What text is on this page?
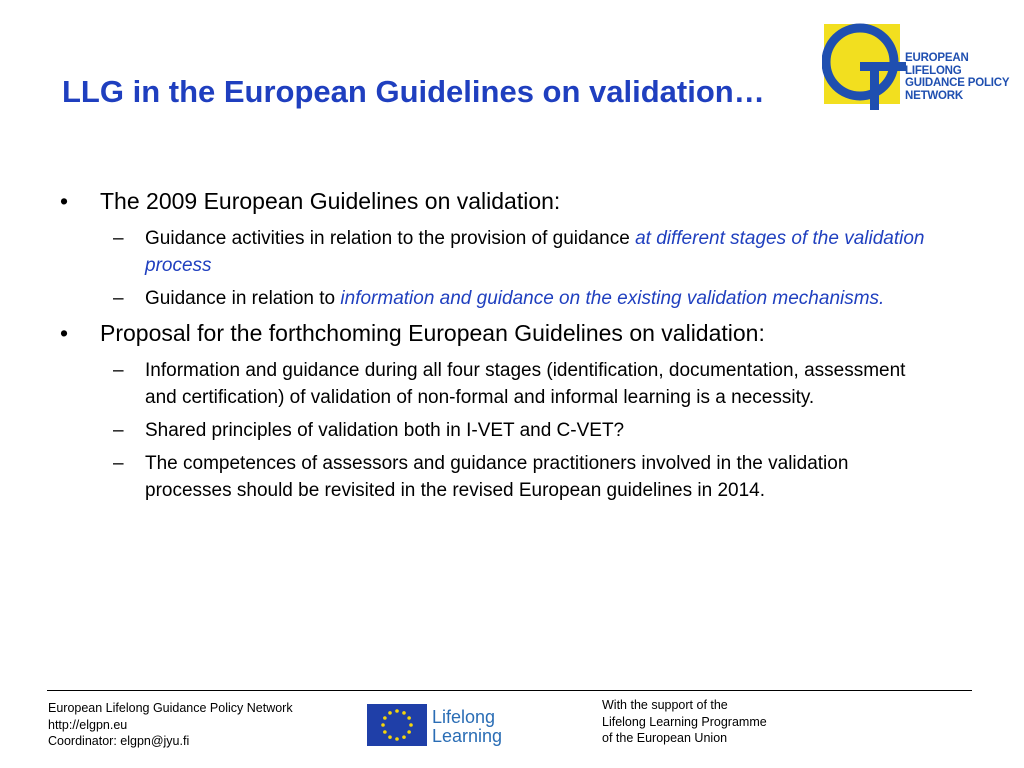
LLG in the European Guidelines on validation…
EUROPEAN LIFELONG
GUIDANCE POLICY
NETWORK
• The 2009 European Guidelines on validation:
– Guidance activities in relation to the provision of guidance at different stages of the validation process
– Guidance in relation to information and guidance on the existing validation mechanisms.
• Proposal for the forthchoming European Guidelines on validation:
– Information and guidance during all four stages (identification, documentation, assessment and certification) of validation of non-formal and informal learning is a necessity.
– Shared principles of validation both in I-VET and C-VET?
– The competences of assessors and guidance practitioners involved in the validation processes should be revisited in the revised European guidelines in 2014.
European Lifelong Guidance Policy Network
http://elgpn.eu
Coordinator: elgpn@jyu.fi
Lifelong
Learning
With the support of the
Lifelong Learning Programme
of the European Union
